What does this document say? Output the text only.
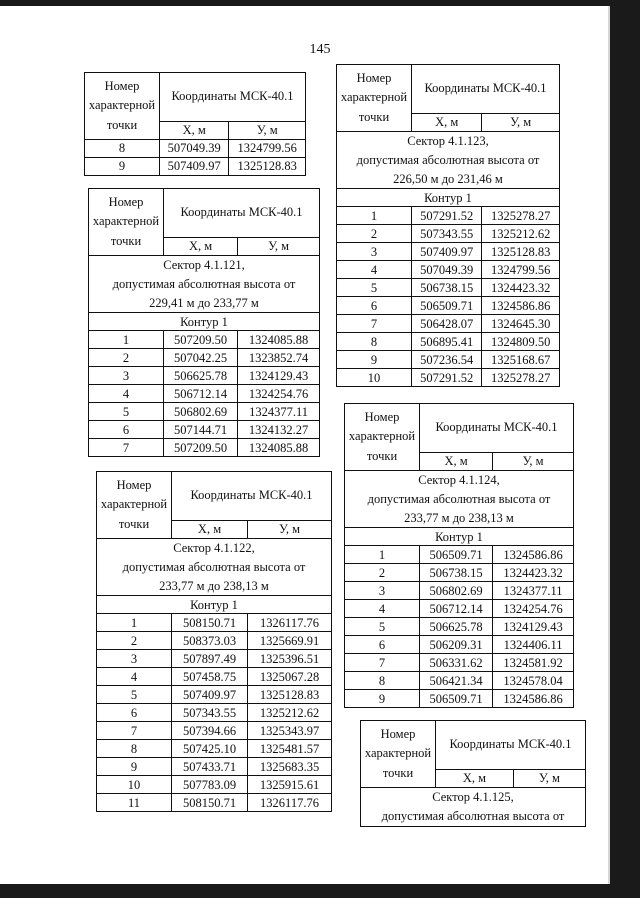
145
Номер характерной точки	Координаты МСК-40.1	

	Х, м	У, м
8	507049.39	1324799.56
9	507409.97	1325128.83
Номер характерной точки	Координаты МСК-40.1	

	Х, м	У, м

Сектор 4.1.121,
допустимая абсолютная высота от
229,41 м до 233,77 м		

Контур 1		
1	507209.50	1324085.88
2	507042.25	1323852.74
3	506625.78	1324129.43
4	506712.14	1324254.76
5	506802.69	1324377.11
6	507144.71	1324132.27
7	507209.50	1324085.88
Номер характерной точки	Координаты МСК-40.1	

	Х, м	У, м

Сектор 4.1.122,
допустимая абсолютная высота от
233,77 м до 238,13 м		

Контур 1		
1	508150.71	1326117.76
2	508373.03	1325669.91
3	507897.49	1325396.51
4	507458.75	1325067.28
5	507409.97	1325128.83
6	507343.55	1325212.62
7	507394.66	1325343.97
8	507425.10	1325481.57
9	507433.71	1325683.35
10	507783.09	1325915.61
11	508150.71	1326117.76
Номер характерной точки	Координаты МСК-40.1	

	Х, м	У, м

Сектор 4.1.123,
допустимая абсолютная высота от
226,50 м до 231,46 м		

Контур 1		
1	507291.52	1325278.27
2	507343.55	1325212.62
3	507409.97	1325128.83
4	507049.39	1324799.56
5	506738.15	1324423.32
6	506509.71	1324586.86
7	506428.07	1324645.30
8	506895.41	1324809.50
9	507236.54	1325168.67
10	507291.52	1325278.27
Номер характерной точки	Координаты МСК-40.1	

	Х, м	У, м

Сектор 4.1.124,
допустимая абсолютная высота от
233,77 м до 238,13 м		

Контур 1		
1	506509.71	1324586.86
2	506738.15	1324423.32
3	506802.69	1324377.11
4	506712.14	1324254.76
5	506625.78	1324129.43
6	506209.31	1324406.11
7	506331.62	1324581.92
8	506421.34	1324578.04
9	506509.71	1324586.86
Номер характерной точки	Координаты МСК-40.1	

	Х, м	У, м

Сектор 4.1.125,
допустимая абсолютная высота от		
